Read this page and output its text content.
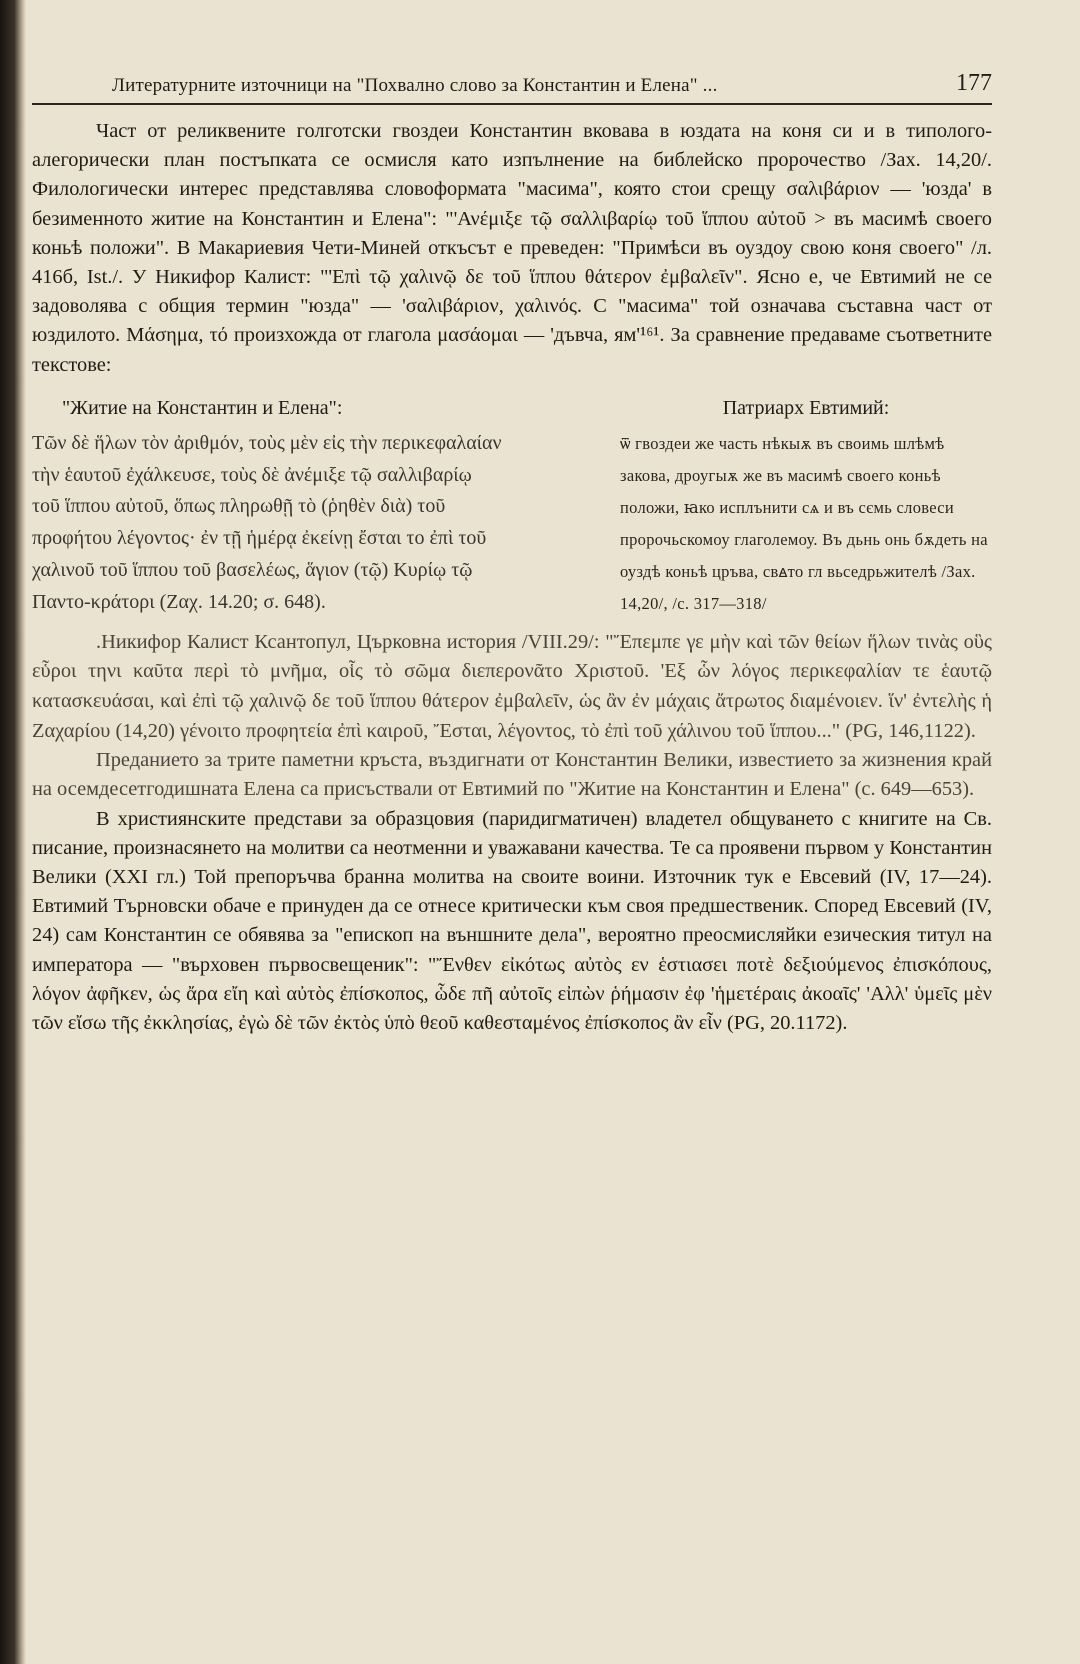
Литературните източници на "Похвално слово за Константин и Елена" ...	177

Част от реликвените голготски гвоздеи Константин вковава в юздата на коня си и в типолого-алегорически план постъпката се осмисля като изпълнение на библейско пророчество /Зах. 14,20/. Филологически интерес представлява словоформата "масима", която стои срещу σαλιβάριον — 'юзда' в безименното житие на Константин и Елена": "'Ανέμιξε τῷ σαλλιβαρίῳ τοῦ ἵππου αὐτοῦ > въ масимѣ своего коньѣ положи". В Макариевия Чети-Миней откъсът е преведен: "Примѣси въ оуздоу свою коня своего" /л. 416б, Ist./. У Никифор Калист: "'Επὶ τῷ χαλινῷ δε τοῦ ἵππου θάτερον ἐμβαλεῖν". Ясно е, че Евтимий не се задоволява с общия термин "юзда" — 'σαλιβάριον, χαλινός. С "масима" той означава съставна част от юздилото. Μάσημα, τό произхожда от глагола μασάομαι — 'дъвча, ям'¹⁶¹. За сравнение предаваме съответните текстове:

"Житие на Константин и Елена":
Τῶν δὲ ἥλων τὸν ἀριθμόν, τοὺς μὲν εἰς τὴν περικεφαλαίαν τὴν ἑαυτοῦ ἐχάλκευσε, τοὺς δὲ ἀνέμιξε τῷ σαλλιβαρίῳ τοῦ ἵππου αὐτοῦ, ὅπως πληρωθῇ τὸ (ῥηθὲν διὰ) τοῦ προφήτου λέγοντος· ἐν τῇ ἡμέρᾳ ἐκείνῃ ἔσται το ἐπὶ τοῦ χαλινοῦ τοῦ ἵππου τοῦ βασελέως, ἅγιον (τῷ) Κυρίῳ τῷ Παντο-κράτορι (Ζαχ. 14.20; σ. 648).
Патриарх Евтимий:
ѿ гвоздеи же часть нѣкыѫ въ своимь шлѣмѣ закова, дроугыѫ же въ масимѣ своего коньѣ положи, ꙗко исплънити сѧ и въ сємь словеси пророчьскомоу глаголемоу. Въ дьнь онь бѫдеть на оуздѣ коньѣ цръва, свꙙто гл вьседрьжителѣ /Зах. 14,20/, /с. 317—318/

.Никифор Калист Ксантопул, Църковна история /VIII.29/: "Ἔπεμπε γε μὴν καὶ τῶν θείων ἥλων τινὰς οὓς εὗροι τηνι καῦτα περὶ τὸ μνῆμα, οἷς τὸ σῶμα διεπερονᾶτο Χριστοῦ. 'Εξ ὧν λόγος περικεφαλίαν τε ἑαυτῷ κατασκευάσαι, καὶ ἐπὶ τῷ χαλινῷ δε τοῦ ἵππου θάτερον ἐμβαλεῖν, ὡς ἂν ἐν μάχαις ἄτρωτος διαμένοιεν. ἵν' ἐντελὴς ἡ Ζαχαρίου (14,20) γένοιτο προφητεία ἐπὶ καιροῦ, Ἔσται, λέγοντος, τὸ ἐπὶ τοῦ χάλινου τοῦ ἵππου..." (PG, 146,1122).

Преданието за трите паметни кръста, въздигнати от Константин Велики, известието за жизнения край на осемдесетгодишната Елена са присъствали от Евтимий по "Житие на Константин и Елена" (с. 649—653).

В християнските представи за образцовия (паридигматичен) владетел общуването с книгите на Св. писание, произнасянето на молитви са неотменни и уважавани качества. Те са проявени първом у Константин Велики (XXI гл.) Той препоръчва бранна молитва на своите воини. Източник тук е Евсевий (IV, 17—24). Евтимий Търновски обаче е принуден да се отнесе критически към своя предшественик. Според Евсевий (IV, 24) сам Константин се обявява за "епископ на външните дела", вероятно преосмисляйки езическия титул на императора — "върховен първосвещеник": "Ἔνθεν εἰκότως αὐτὸς εν ἑστιασει ποτὲ δεξιούμενος ἐπισκόπους, λόγον ἀφῆκεν, ὡς ἄρα εἴη καὶ αὐτὸς ἐπίσκοπος, ὧδε πῆ αὐτοῖς εἰπὼν ῥήμασιν ἐφ 'ἡμετέραις ἀκοαῖς' 'Αλλ' ὑμεῖς μὲν τῶν εἴσω τῆς ἐκκλησίας, ἐγὼ δὲ τῶν ἐκτὸς ὑπὸ θεοῦ καθεσταμένος ἐπίσκοπος ἂν εἶν (PG, 20.1172).
